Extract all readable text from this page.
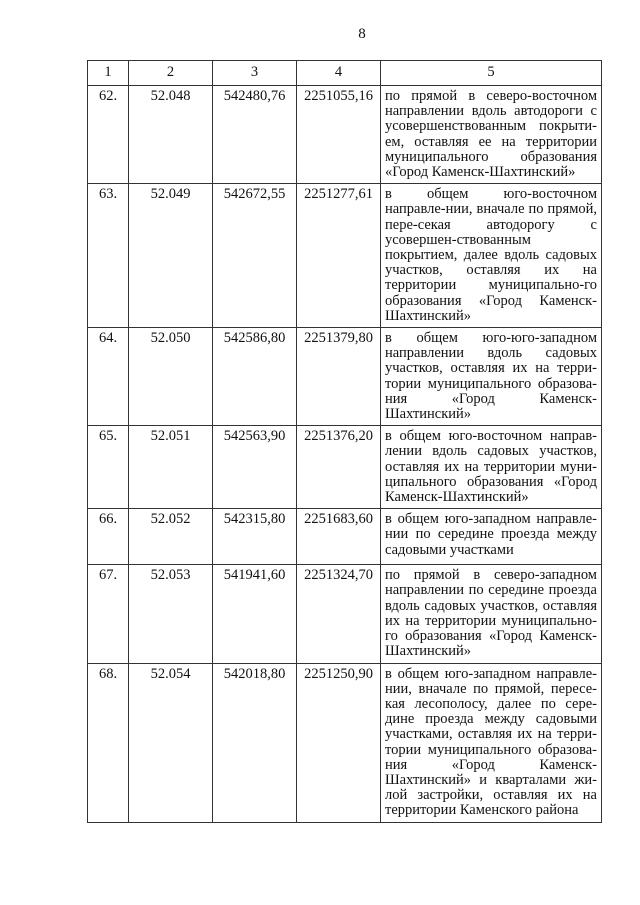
8
1	2	3	4	5
62.	52.048	542480,76	2251055,16	по прямой в северо-восточном направлении вдоль автодороги с усовершенствованным покрыти-ем, оставляя ее на территории муниципального образования «Город Каменск-Шахтинский»
63.	52.049	542672,55	2251277,61	в общем юго-восточном направле-нии, вначале по прямой, пере-секая автодорогу с усовершен-ствованным покрытием, далее вдоль садовых участков, оставляя их на территории муниципально-го образования «Город Каменск-Шахтинский»
64.	52.050	542586,80	2251379,80	в общем юго-юго-западном направлении вдоль садовых участков, оставляя их на терри-тории муниципального образова-ния «Город Каменск-Шахтинский»
65.	52.051	542563,90	2251376,20	в общем юго-восточном направ-лении вдоль садовых участков, оставляя их на территории муни-ципального образования «Город Каменск-Шахтинский»
66.	52.052	542315,80	2251683,60	в общем юго-западном направле-нии по середине проезда между садовыми участками
67.	52.053	541941,60	2251324,70	по прямой в северо-западном направлении по середине проезда вдоль садовых участков, оставляя их на территории муниципально-го образования «Город Каменск-Шахтинский»
68.	52.054	542018,80	2251250,90	в общем юго-западном направле-нии, вначале по прямой, пересе-кая лесополосу, далее по сере-дине проезда между садовыми участками, оставляя их на терри-тории муниципального образова-ния «Город Каменск-Шахтинский» и кварталами жи-лой застройки, оставляя их на территории Каменского района
